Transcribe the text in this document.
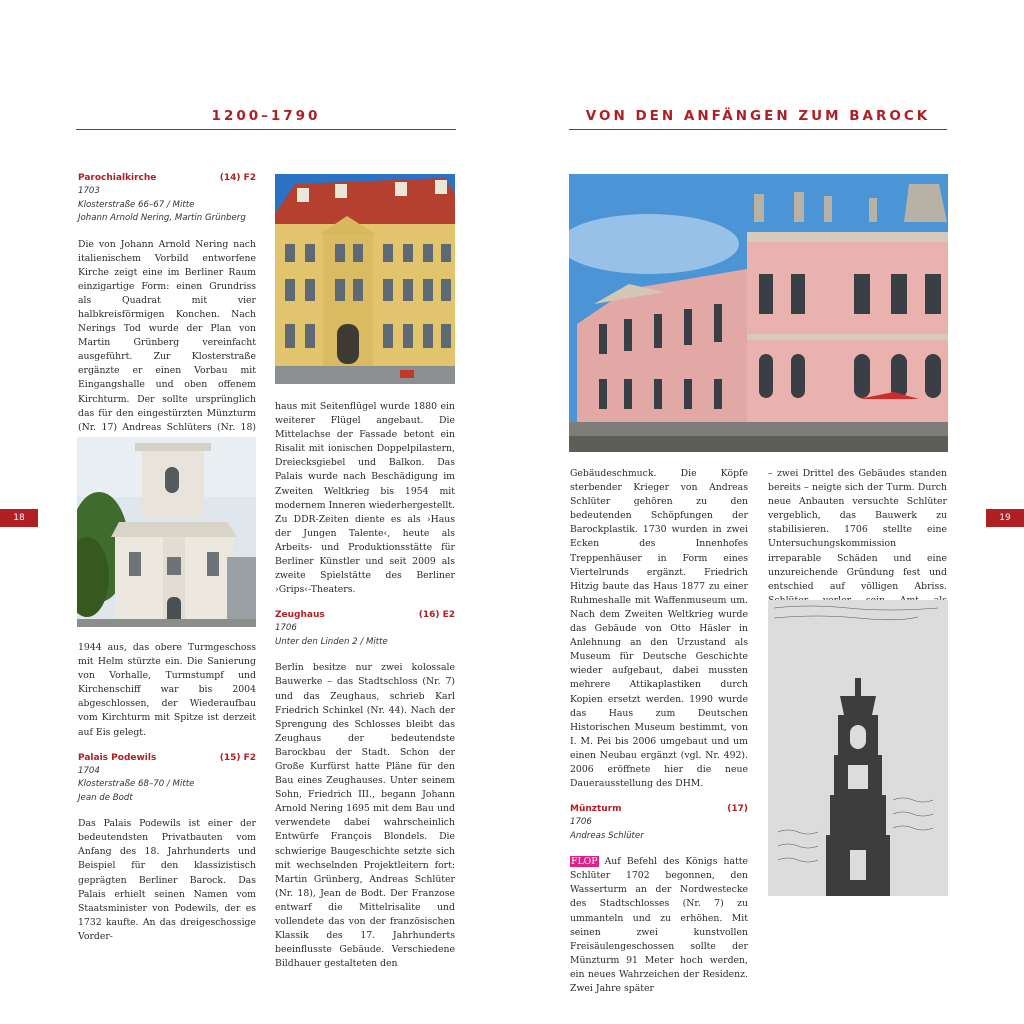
1200–1790	VON DEN ANFÄNGEN ZUM BAROCK
18	19
Parochialkirche	(14) F2
1703
Klosterstraße 66–67 / Mitte
Johann Arnold Nering, Martin Grünberg

Die von Johann Arnold Nering nach italienischem Vorbild entworfene Kirche zeigt eine im Berliner Raum einzigartige Form: einen Grundriss als Quadrat mit vier halbkreisförmigen Konchen. Nach Nerings Tod wurde der Plan von Martin Grünberg vereinfacht ausgeführt. Zur Klosterstraße ergänzte er einen Vorbau mit Eingangshalle und oben offenem Kirchturm. Der sollte ursprünglich das für den eingestürzten Münzturm (Nr. 17) Andreas Schlüters (Nr. 18)

1944 aus, das obere Turmgeschoss mit Helm stürzte ein. Die Sanierung von Vorhalle, Turmstumpf und Kirchenschiff war bis 2004 abgeschlossen, der Wiederaufbau vom Kirchturm mit Spitze ist derzeit auf Eis gelegt.

Palais Podewils	(15) F2
1704
Klosterstraße 68–70 / Mitte
Jean de Bodt

Das Palais Podewils ist einer der bedeutendsten Privatbauten vom Anfang des 18. Jahrhunderts und Beispiel für den klassizistisch geprägten Berliner Barock. Das Palais erhielt seinen Namen vom Staatsminister von Podewils, der es 1732 kaufte. An das dreigeschossige Vorder-

haus mit Seitenflügel wurde 1880 ein weiterer Flügel angebaut. Die Mittelachse der Fassade betont ein Risalit mit ionischen Doppelpilastern, Dreiecksgiebel und Balkon. Das Palais wurde nach Beschädigung im Zweiten Weltkrieg bis 1954 mit modernem Inneren wiederhergestellt. Zu DDR-Zeiten diente es als ›Haus der Jungen Talente‹, heute als Arbeits- und Produktionsstätte für Berliner Künstler und seit 2009 als zweite Spielstätte des Berliner ›Grips‹-Theaters.

Zeughaus	(16) E2
1706
Unter den Linden 2 / Mitte

Berlin besitze nur zwei kolossale Bauwerke – das Stadtschloss (Nr. 7) und das Zeughaus, schrieb Karl Friedrich Schinkel (Nr. 44). Nach der Sprengung des Schlosses bleibt das Zeughaus der bedeutendste Barockbau der Stadt. Schon der Große Kurfürst hatte Pläne für den Bau eines Zeughauses. Unter seinem Sohn, Friedrich III., begann Johann Arnold Nering 1695 mit dem Bau und verwendete dabei wahrscheinlich Entwürfe François Blondels. Die schwierige Baugeschichte setzte sich mit wechselnden Projektleitern fort: Martin Grünberg, Andreas Schlüter (Nr. 18), Jean de Bodt. Der Franzose entwarf die Mittelrisalite und vollendete das von der französischen Klassik des 17. Jahrhunderts beeinflusste Gebäude. Verschiedene Bildhauer gestalteten den

Gebäudeschmuck. Die Köpfe sterbender Krieger von Andreas Schlüter gehören zu den bedeutenden Schöpfungen der Barockplastik. 1730 wurden in zwei Ecken des Innenhofes Treppenhäuser in Form eines Viertelrunds ergänzt. Friedrich Hitzig baute das Haus 1877 zu einer Ruhmeshalle mit Waffenmuseum um. Nach dem Zweiten Weltkrieg wurde das Gebäude von Otto Häsler in Anlehnung an den Urzustand als Museum für Deutsche Geschichte wieder aufgebaut, dabei mussten mehrere Attikaplastiken durch Kopien ersetzt werden. 1990 wurde das Haus zum Deutschen Historischen Museum bestimmt, von I. M. Pei bis 2006 umgebaut und um einen Neubau ergänzt (vgl. Nr. 492). 2006 eröffnete hier die neue Dauerausstellung des DHM.

Münzturm	(17)
1706
Andreas Schlüter

FLOP Auf Befehl des Königs hatte Schlüter 1702 begonnen, den Wasserturm an der Nordwestecke des Stadtschlosses (Nr. 7) zu ummanteln und zu erhöhen. Mit seinen zwei kunstvollen Freisäulengeschossen sollte der Münzturm 91 Meter hoch werden, ein neues Wahrzeichen der Residenz. Zwei Jahre später

– zwei Drittel des Gebäudes standen bereits – neigte sich der Turm. Durch neue Anbauten versuchte Schlüter vergeblich, das Bauwerk zu stabilisieren. 1706 stellte eine Untersuchungskommission irreparable Schäden und eine unzureichende Gründung fest und entschied auf völligen Abriss.
